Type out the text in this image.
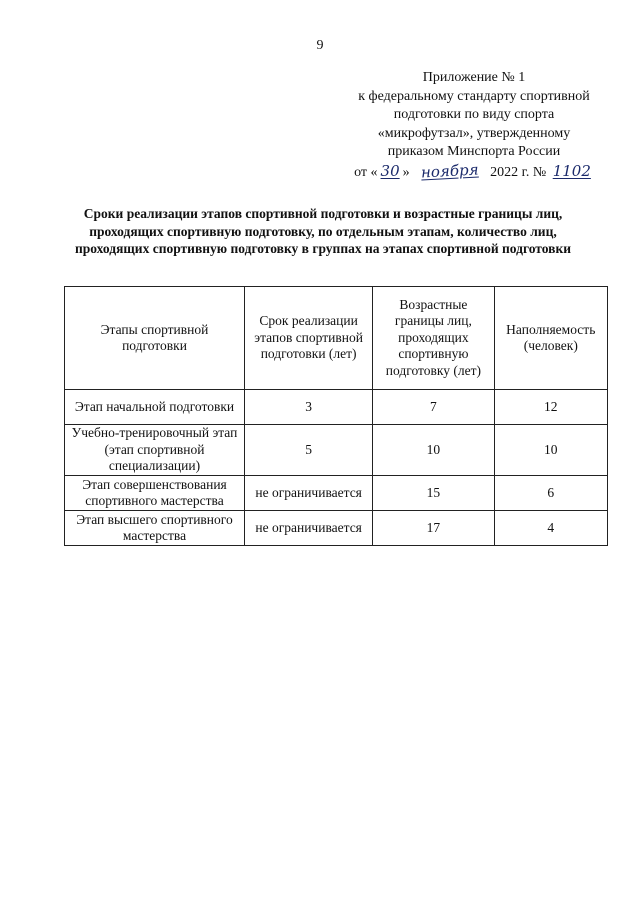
9
Приложение № 1
к федеральному стандарту спортивной
подготовки по виду спорта
«микрофутзал», утвержденному
приказом Минспорта России
от « 30 » ноября 2022 г. № 1102
Сроки реализации этапов спортивной подготовки и возрастные границы лиц, проходящих спортивную подготовку, по отдельным этапам, количество лиц, проходящих спортивную подготовку в группах на этапах спортивной подготовки
Этапы спортивной подготовки	Срок реализации этапов спортивной подготовки (лет)	Возрастные границы лиц, проходящих спортивную подготовку (лет)	Наполняемость (человек)
Этап начальной подготовки	3	7	12
Учебно-тренировочный этап (этап спортивной специализации)	5	10	10
Этап совершенствования спортивного мастерства	не ограничивается	15	6
Этап высшего спортивного мастерства	не ограничивается	17	4
